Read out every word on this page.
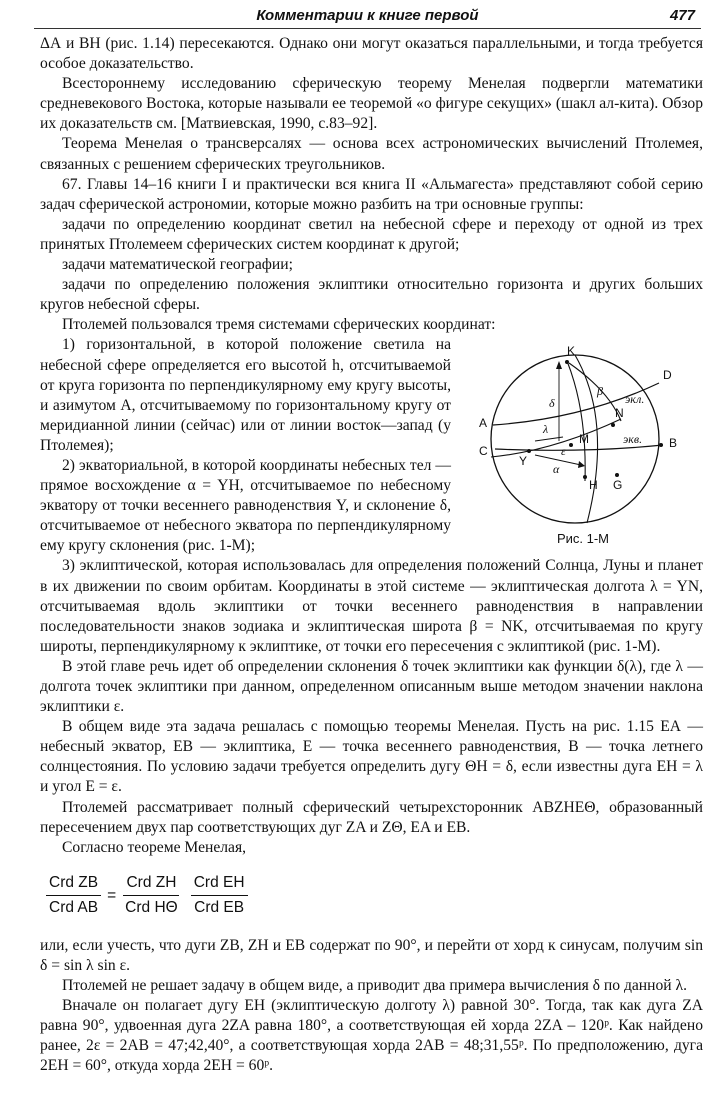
Комментарии к книге первой	477

ΔА и ВН (рис. 1.14) пересекаются. Однако они могут оказаться параллельными, и тогда требуется особое доказательство.

Всестороннему исследованию сферическую теорему Менелая подвергли математики средневекового Востока, которые называли ее теоремой «о фигуре секущих» (шакл ал-кита). Обзор их доказательств см. [Матвиевская, 1990, с.83–92].

Теорема Менелая о трансверсалях — основа всех астрономических вычислений Птолемея, связанных с решением сферических треугольников.

67. Главы 14–16 книги I и практически вся книга II «Альмагеста» представляют собой серию задач сферической астрономии, которые можно разбить на три основные группы:

задачи по определению координат светил на небесной сфере и переходу от одной из трех принятых Птолемеем сферических систем координат к другой;

задачи математической географии;

задачи по определению положения эклиптики относительно горизонта и других больших кругов небесной сферы.

Птолемей пользовался тремя системами сферических координат:

K
D
A
C
N
M
Υ
H G
B
β
δ
λ
ε
α
экл.
экв.
Рис. 1-М

1) горизонтальной, в которой положение светила на небесной сфере определяется его высотой h, отсчитываемой от круга горизонта по перпендикулярному ему кругу высоты, и азимутом A, отсчитываемому по горизонтальному кругу от меридианной линии (сейчас) или от линии восток—запад (у Птолемея);

2) экваториальной, в которой координаты небесных тел — прямое восхождение α = ΥH, отсчитываемое по небесному экватору от точки весеннего равноденствия Υ, и склонение δ, отсчитываемое от небесного экватора по перпендикулярному ему кругу склонения (рис. 1-М);

3) эклиптической, которая использовалась для определения положений Солнца, Луны и планет в их движении по своим орбитам. Координаты в этой системе — эклиптическая долгота λ = ΥN, отсчитываемая вдоль эклиптики от точки весеннего равноденствия в направлении последовательности знаков зодиака и эклиптическая широта β = NK, отсчитываемая по кругу широты, перпендикулярному к эклиптике, от точки его пересечения с эклиптикой (рис. 1-М).

В этой главе речь идет об определении склонения δ точек эклиптики как функции δ(λ), где λ — долгота точек эклиптики при данном, определенном описанным выше методом значении наклона эклиптики ε.

В общем виде эта задача решалась с помощью теоремы Менелая. Пусть на рис. 1.15 ЕА — небесный экватор, ЕВ — эклиптика, Е — точка весеннего равноденствия, В — точка летнего солнцестояния. По условию задачи требуется определить дугу ΘН = δ, если известны дуга ЕН = λ и угол Е = ε.

Птолемей рассматривает полный сферический четырехсторонник ABZHEΘ, образованный пересечением двух пар соответствующих дуг ZA и ZΘ, EA и EB.

Согласно теореме Менелая,

$\frac{\text{Crd ZB}}{\text{Crd AB}} = \frac{\text{Crd ZH}}{\text{Crd HΘ}} \frac{\text{Crd EH}}{\text{Crd EB}}$

или, если учесть, что дуги ZB, ZH и EB содержат по 90°, и перейти от хорд к синусам, получим sin δ = sin λ sin ε.

Птолемей не решает задачу в общем виде, а приводит два примера вычисления δ по данной λ.

Вначале он полагает дугу EH (эклиптическую долготу λ) равной 30°. Тогда, так как дуга ZA равна 90°, удвоенная дуга 2ZA равна 180°, а соответствующая ей хорда 2ZA – 120ᵖ. Как найдено ранее, 2ε = 2AB = 47;42,40°, а соответствующая хорда 2AB = 48;31,55ᵖ. По предположению, дуга 2EH = 60°, откуда хорда 2EH = 60ᵖ.
